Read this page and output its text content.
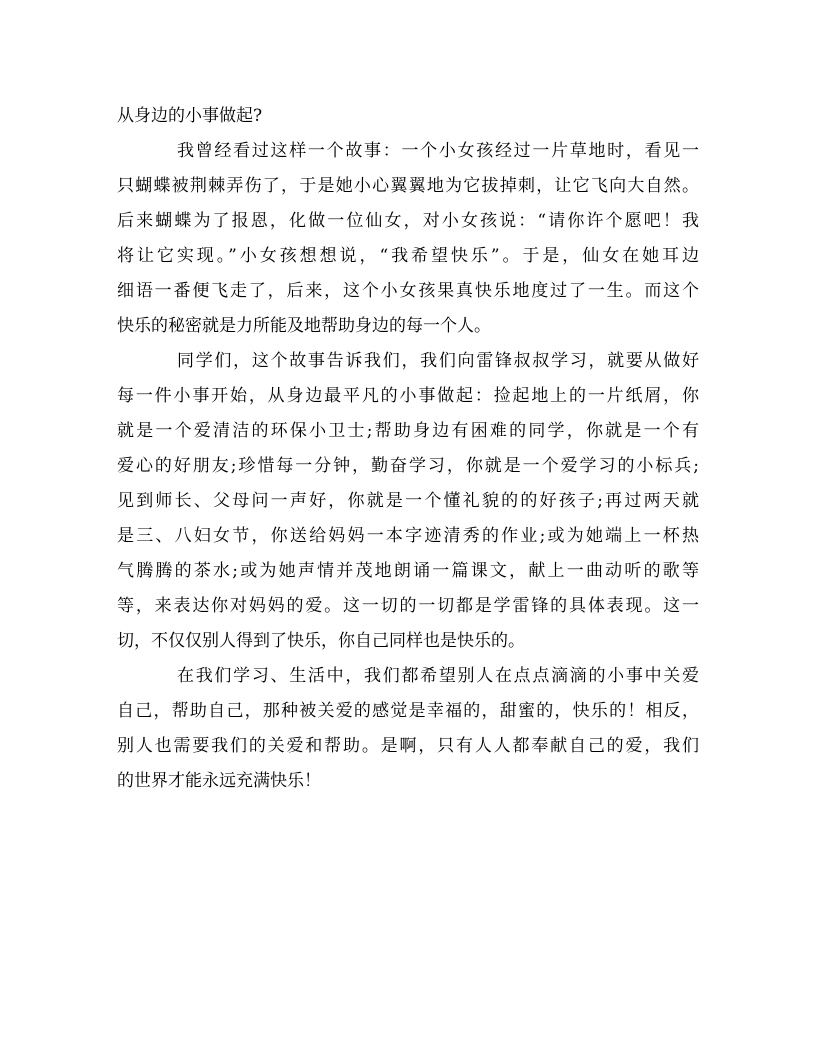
从身边的小事做起?
我曾经看过这样一个故事：一个小女孩经过一片草地时，看见一
只蝴蝶被荆棘弄伤了，于是她小心翼翼地为它拔掉刺，让它飞向大自然。
后来蝴蝶为了报恩，化做一位仙女，对小女孩说：“请你许个愿吧！我
将让它实现。”小女孩想想说，“我希望快乐”。于是，仙女在她耳边
细语一番便飞走了，后来，这个小女孩果真快乐地度过了一生。而这个
快乐的秘密就是力所能及地帮助身边的每一个人。
同学们，这个故事告诉我们，我们向雷锋叔叔学习，就要从做好
每一件小事开始，从身边最平凡的小事做起：捡起地上的一片纸屑，你
就是一个爱清洁的环保小卫士;帮助身边有困难的同学，你就是一个有
爱心的好朋友;珍惜每一分钟，勤奋学习，你就是一个爱学习的小标兵;
见到师长、父母问一声好，你就是一个懂礼貌的的好孩子;再过两天就
是三、八妇女节，你送给妈妈一本字迹清秀的作业;或为她端上一杯热
气腾腾的茶水;或为她声情并茂地朗诵一篇课文，献上一曲动听的歌等
等，来表达你对妈妈的爱。这一切的一切都是学雷锋的具体表现。这一
切，不仅仅别人得到了快乐，你自己同样也是快乐的。
在我们学习、生活中，我们都希望别人在点点滴滴的小事中关爱
自己，帮助自己，那种被关爱的感觉是幸福的，甜蜜的，快乐的！相反，
别人也需要我们的关爱和帮助。是啊，只有人人都奉献自己的爱，我们
的世界才能永远充满快乐！
